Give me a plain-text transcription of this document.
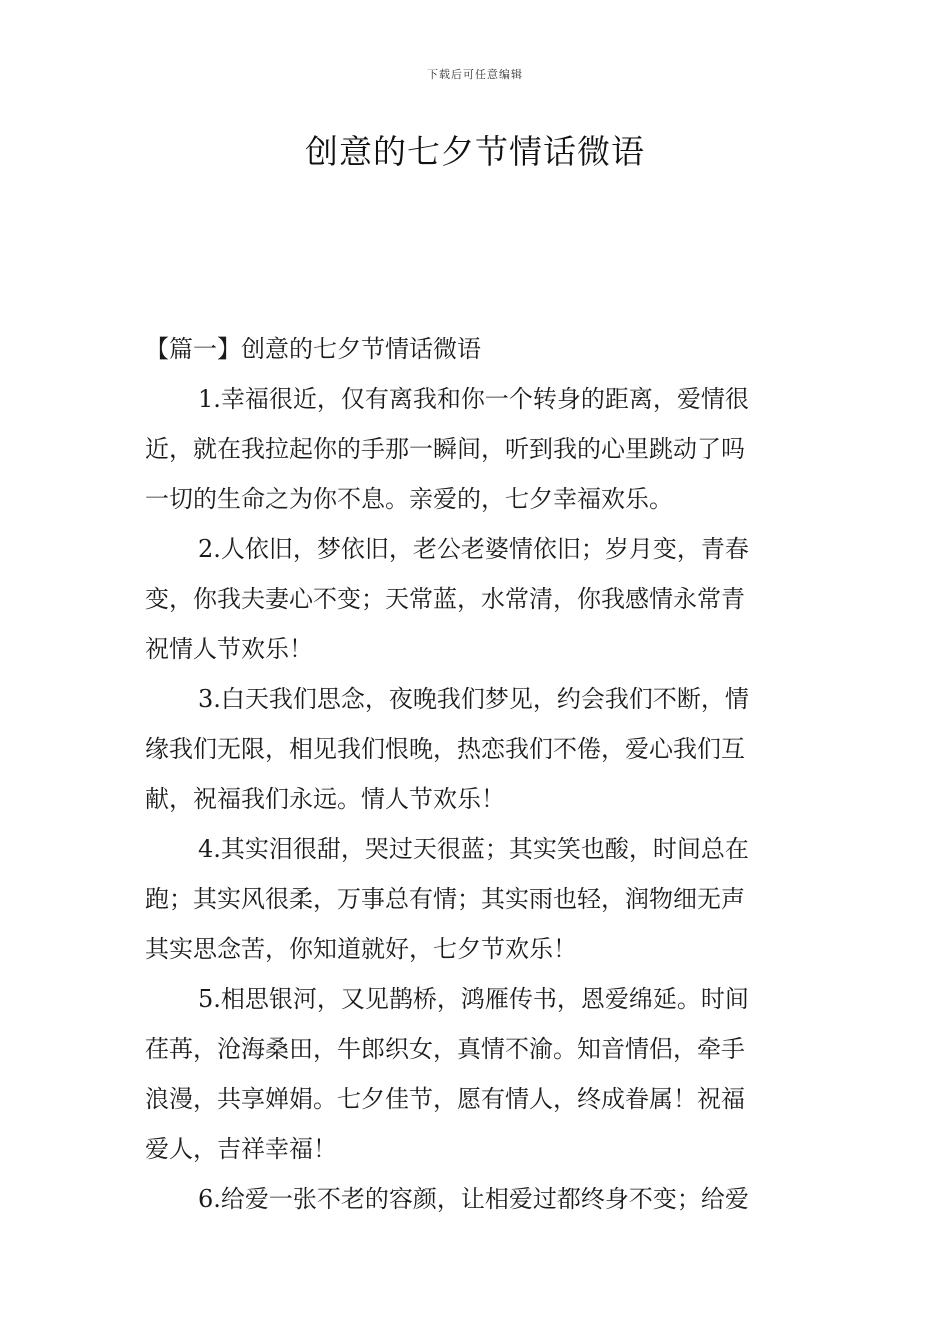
下载后可任意编辑
创意的七夕节情话微语

【篇一】创意的七夕节情话微语

1.幸福很近，仅有离我和你一个转身的距离，爱情很
近，就在我拉起你的手那一瞬间，听到我的心里跳动了吗
一切的生命之为你不息。亲爱的，七夕幸福欢乐。

2.人依旧，梦依旧，老公老婆情依旧；岁月变，青春
变，你我夫妻心不变；天常蓝，水常清，你我感情永常青
祝情人节欢乐！

3.白天我们思念，夜晚我们梦见，约会我们不断，情
缘我们无限，相见我们恨晚，热恋我们不倦，爱心我们互
献，祝福我们永远。情人节欢乐！

4.其实泪很甜，哭过天很蓝；其实笑也酸，时间总在
跑；其实风很柔，万事总有情；其实雨也轻，润物细无声
其实思念苦，你知道就好，七夕节欢乐！

5.相思银河，又见鹊桥，鸿雁传书，恩爱绵延。时间
荏苒，沧海桑田，牛郎织女，真情不渝。知音情侣，牵手
浪漫，共享婵娟。七夕佳节，愿有情人，终成眷属！祝福
爱人，吉祥幸福！

6.给爱一张不老的容颜，让相爱过都终身不变；给爱
